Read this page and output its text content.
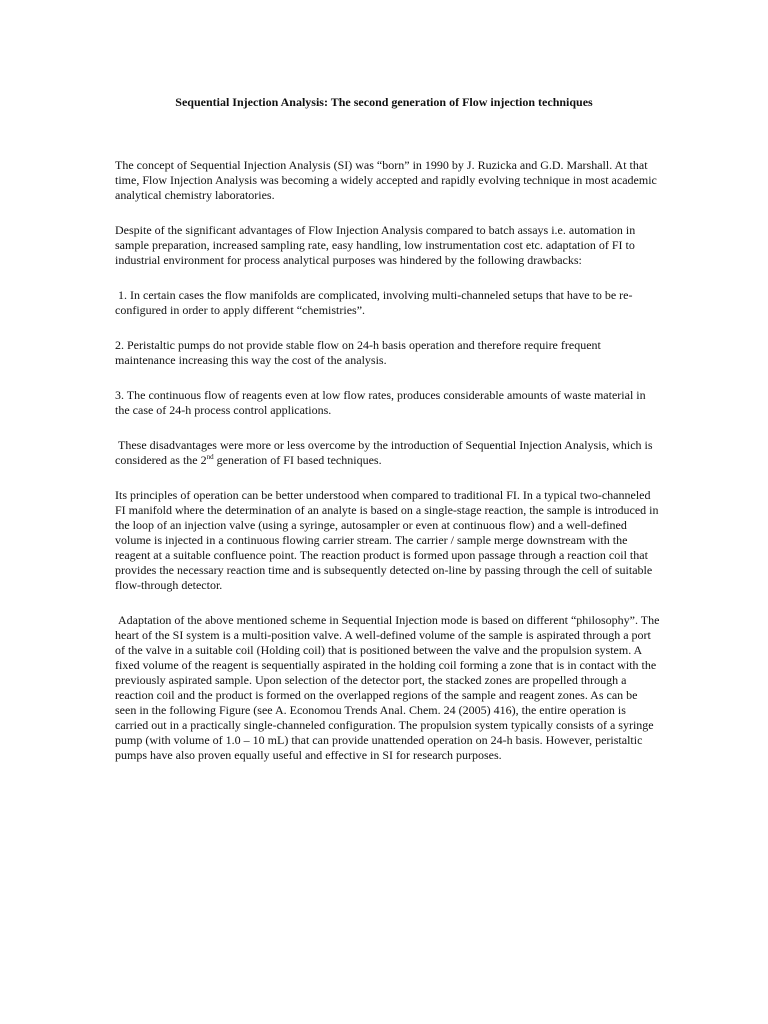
Sequential Injection Analysis: The second generation of Flow injection techniques

The concept of Sequential Injection Analysis (SI) was “born” in 1990 by J. Ruzicka and G.D. Marshall. At that time, Flow Injection Analysis was becoming a widely accepted and rapidly evolving technique in most academic analytical chemistry laboratories.

Despite of the significant advantages of Flow Injection Analysis compared to batch assays i.e. automation in sample preparation, increased sampling rate, easy handling, low instrumentation cost etc. adaptation of FI to industrial environment for process analytical purposes was hindered by the following drawbacks:

1. In certain cases the flow manifolds are complicated, involving multi-channeled setups that have to be re-configured in order to apply different “chemistries”.

2. Peristaltic pumps do not provide stable flow on 24-h basis operation and therefore require frequent maintenance increasing this way the cost of the analysis.

3. The continuous flow of reagents even at low flow rates, produces considerable amounts of waste material in the case of 24-h process control applications.

These disadvantages were more or less overcome by the introduction of Sequential Injection Analysis, which is considered as the 2nd generation of FI based techniques.

Its principles of operation can be better understood when compared to traditional FI. In a typical two-channeled FI manifold where the determination of an analyte is based on a single-stage reaction, the sample is introduced in the loop of an injection valve (using a syringe, autosampler or even at continuous flow) and a well-defined volume is injected in a continuous flowing carrier stream. The carrier / sample merge downstream with the reagent at a suitable confluence point. The reaction product is formed upon passage through a reaction coil that provides the necessary reaction time and is subsequently detected on-line by passing through the cell of suitable flow-through detector.

Adaptation of the above mentioned scheme in Sequential Injection mode is based on different “philosophy”. The heart of the SI system is a multi-position valve. A well-defined volume of the sample is aspirated through a port of the valve in a suitable coil (Holding coil) that is positioned between the valve and the propulsion system. A fixed volume of the reagent is sequentially aspirated in the holding coil forming a zone that is in contact with the previously aspirated sample. Upon selection of the detector port, the stacked zones are propelled through a reaction coil and the product is formed on the overlapped regions of the sample and reagent zones. As can be seen in the following Figure (see A. Economou Trends Anal. Chem. 24 (2005) 416), the entire operation is carried out in a practically single-channeled configuration. The propulsion system typically consists of a syringe pump (with volume of 1.0 – 10 mL) that can provide unattended operation on 24-h basis. However, peristaltic pumps have also proven equally useful and effective in SI for research purposes.
